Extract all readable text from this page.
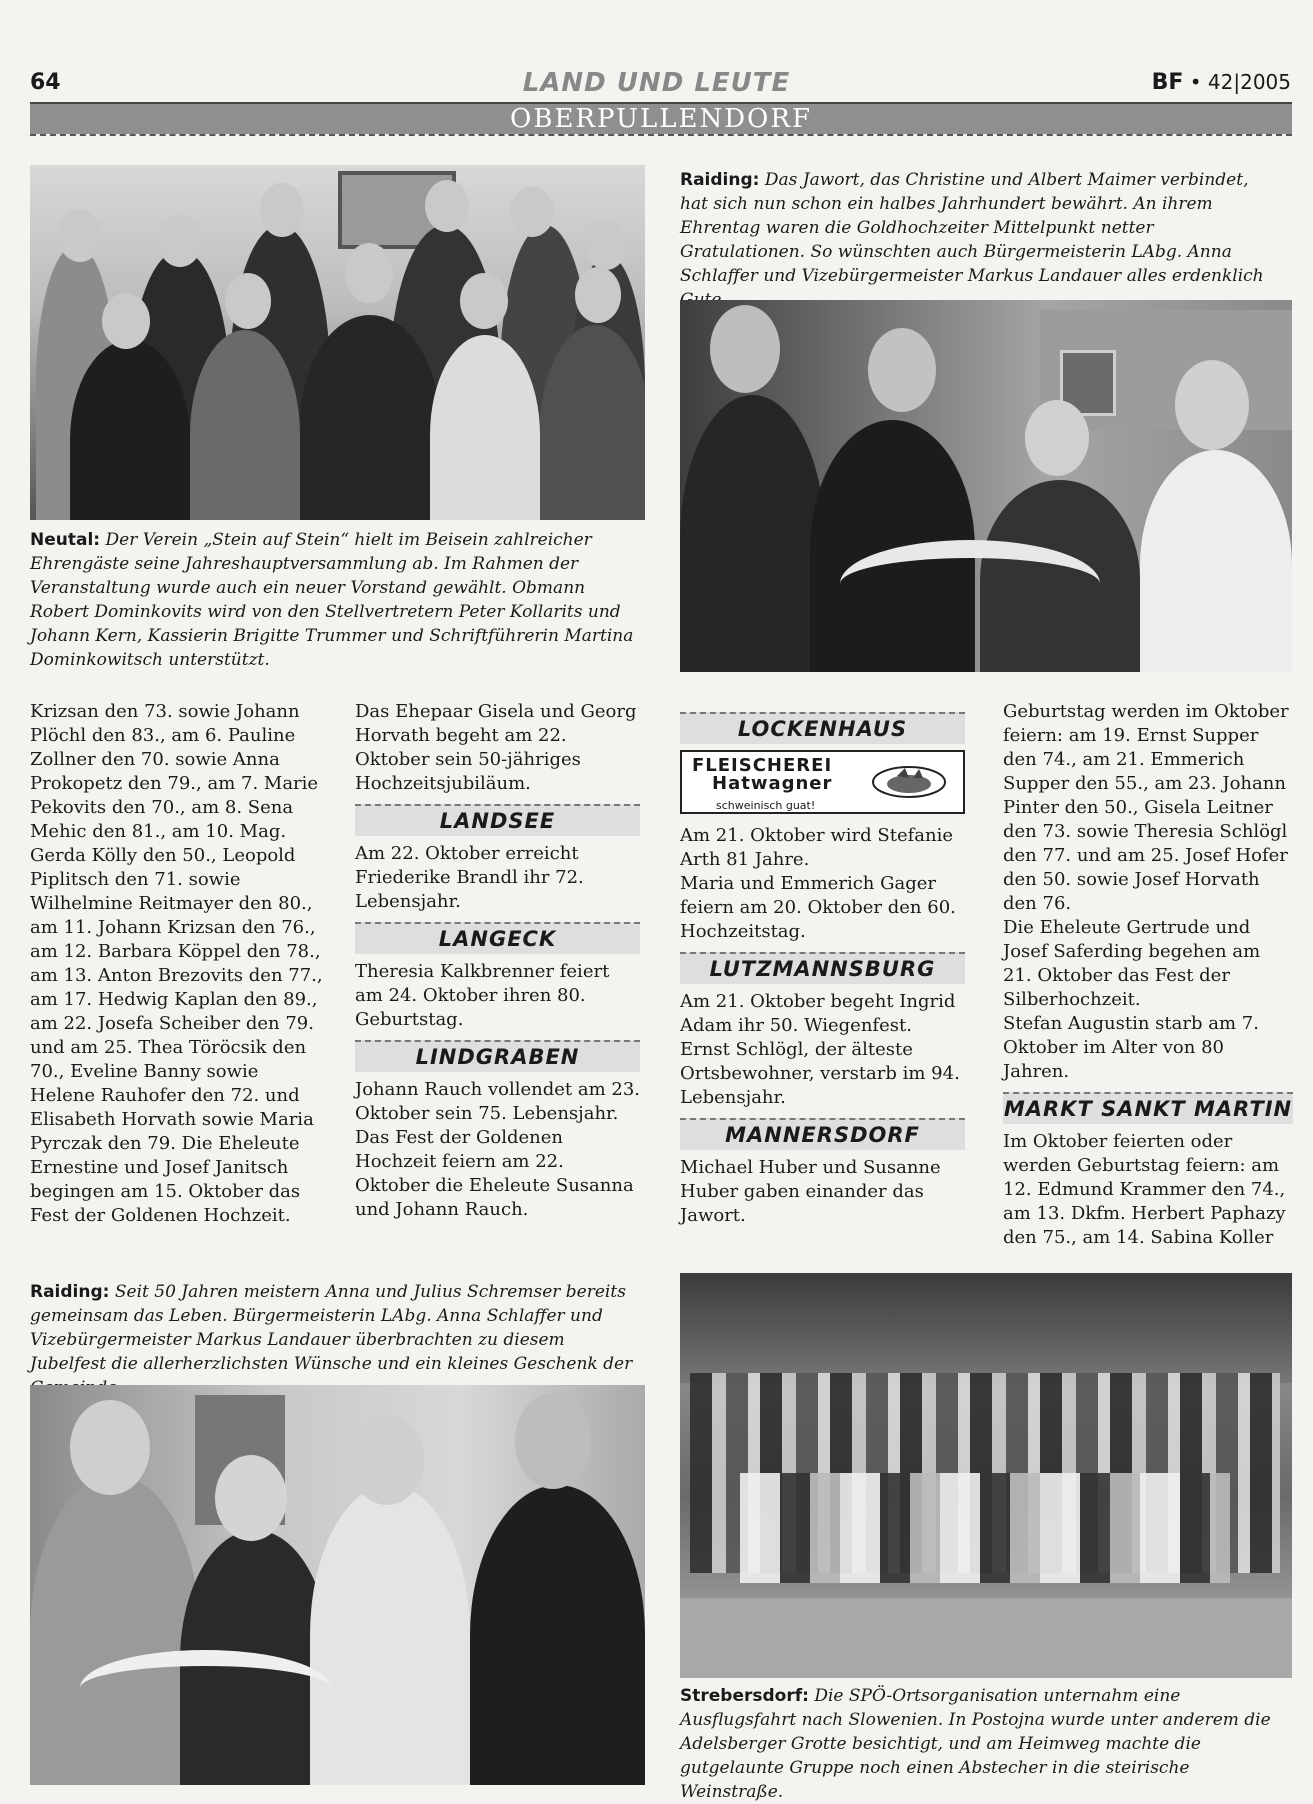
64	LAND UND LEUTE	BF • 42|2005
OBERPULLENDORF
Neutal: Der Verein „Stein auf Stein“ hielt im Beisein zahlreicher Ehrengäste seine Jahreshauptversammlung ab. Im Rahmen der Veranstaltung wurde auch ein neuer Vorstand gewählt. Obmann Robert Dominkovits wird von den Stellvertretern Peter Kollarits und Johann Kern, Kassierin Brigitte Trummer und Schriftführerin Martina Dominkowitsch unterstützt.
Raiding: Das Jawort, das Christine und Albert Maimer verbindet, hat sich nun schon ein halbes Jahrhundert bewährt. An ihrem Ehrentag waren die Goldhochzeiter Mittelpunkt netter Gratulationen. So wünschten auch Bürgermeisterin LAbg. Anna Schlaffer und Vizebürgermeister Markus Landauer alles erdenklich

Krizsan den 73. sowie Johann Plöchl den 83., am 6. Pauline Zollner den 70. sowie Anna Prokopetz den 79., am 7. Marie Pekovits den 70., am 8. Sena Mehic den 81., am 10. Mag. Gerda Kölly den 50., Leopold Piplitsch den 71. sowie Wilhelmine Reitmayer den 80., am 11. Johann Krizsan den 76., am 12. Barbara Köppel den 78., am 13. Anton Brezovits den 77., am 17. Hedwig Kaplan den 89., am 22. Josefa Scheiber den 79. und am 25. Thea Töröcsik den 70., Eveline Banny sowie Helene Rauhofer den 72. und Elisabeth Horvath sowie Maria Pyrczak den 79. Die Eheleute Ernestine und Josef Janitsch begingen am 15. Oktober das Fest der Goldenen Hochzeit.

Das Ehepaar Gisela und Georg Horvath begeht am 22. Oktober sein 50-jähriges Hochzeitsjubiläum.

LANDSEE

Am 22. Oktober erreicht Friederike Brandl ihr 72. Lebensjahr.

LANGECK

Theresia Kalkbrenner feiert am 24. Oktober ihren 80. Geburtstag.

LINDGRABEN

Johann Rauch vollendet am 23. Oktober sein 75. Lebensjahr.

Das Fest der Goldenen Hochzeit feiern am 22. Oktober die Eheleute Susanna und Johann Rauch.

LOCKENHAUS
FLEISCHEREI
Hatwagner
schweinisch guat!

Am 21. Oktober wird Stefanie Arth 81 Jahre.

Maria und Emmerich Gager feiern am 20. Oktober den 60. Hochzeitstag.

LUTZMANNSBURG

Am 21. Oktober begeht Ingrid Adam ihr 50. Wiegenfest.

Ernst Schlögl, der älteste Ortsbewohner, verstarb im 94. Lebensjahr.

MANNERSDORF

Michael Huber und Susanne Huber gaben einander das Jawort.

Geburtstag werden im Oktober feiern: am 19. Ernst Supper den 74., am 21. Emmerich Supper den 55., am 23. Johann Pinter den 50., Gisela Leitner den 73. sowie Theresia Schlögl den 77. und am 25. Josef Hofer den 50. sowie Josef Horvath den 76.

Die Eheleute Gertrude und Josef Saferding begehen am 21. Oktober das Fest der Silberhochzeit.

Stefan Augustin starb am 7. Oktober im Alter von 80 Jahren.

MARKT SANKT MARTIN

Im Oktober feierten oder werden Geburtstag feiern: am 12. Edmund Krammer den 74., am 13. Dkfm. Herbert Paphazy den 75., am 14. Sabina Koller

Raiding: Seit 50 Jahren meistern Anna und Julius Schremser bereits gemeinsam das Leben. Bürgermeisterin LAbg. Anna Schlaffer und Vizebürgermeister Markus Landauer überbrachten zu diesem Jubelfest die allerherzlichsten Wünsche und ein kleines Geschenk der
Strebersdorf: Die SPÖ-Ortsorganisation unternahm eine Ausflugsfahrt nach Slowenien. In Postojna wurde unter anderem die Adelsberger Grotte besichtigt, und am Heimweg machte die gutgelaunte Gruppe noch einen Abstecher in die steirische Weinstraße.
